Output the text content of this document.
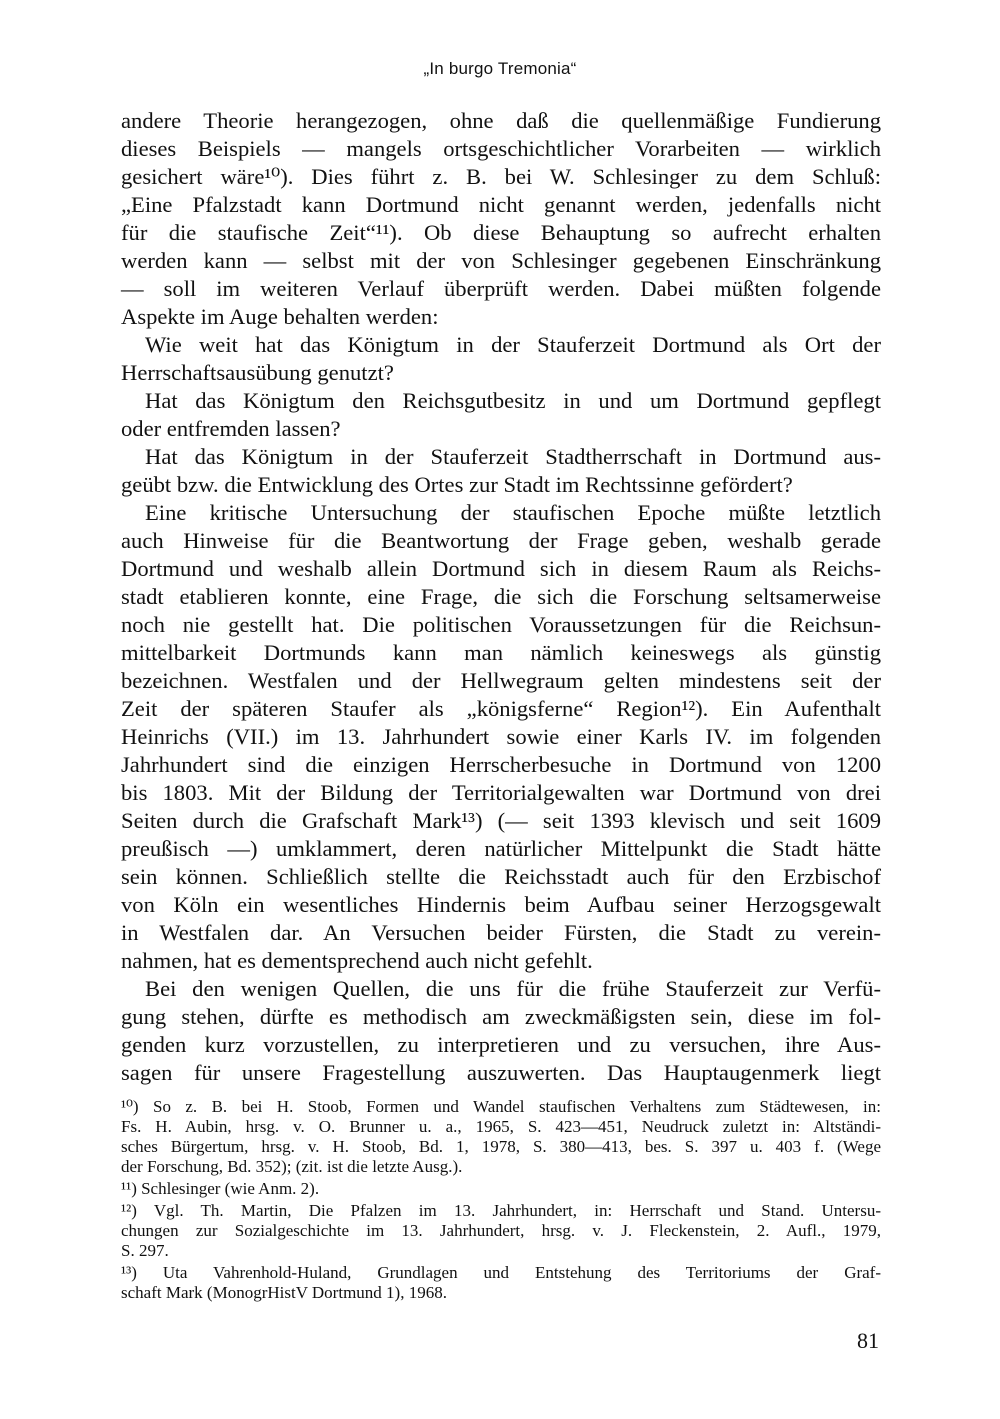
„In burgo Tremonia“

andere Theorie herangezogen, ohne daß die quellenmäßige Fundierung

dieses Beispiels — mangels ortsgeschichtlicher Vorarbeiten — wirklich

gesichert wäre¹⁰). Dies führt z. B. bei W. Schlesinger zu dem Schluß:

„Eine Pfalzstadt kann Dortmund nicht genannt werden, jedenfalls nicht

für die staufische Zeit“¹¹). Ob diese Behauptung so aufrecht erhalten

werden kann — selbst mit der von Schlesinger gegebenen Einschränkung

— soll im weiteren Verlauf überprüft werden. Dabei müßten folgende

Aspekte im Auge behalten werden:

Wie weit hat das Königtum in der Stauferzeit Dortmund als Ort der

Herrschaftsausübung genutzt?

Hat das Königtum den Reichsgutbesitz in und um Dortmund gepflegt

oder entfremden lassen?

Hat das Königtum in der Stauferzeit Stadtherrschaft in Dortmund aus-

geübt bzw. die Entwicklung des Ortes zur Stadt im Rechtssinne gefördert?

Eine kritische Untersuchung der staufischen Epoche müßte letztlich

auch Hinweise für die Beantwortung der Frage geben, weshalb gerade

Dortmund und weshalb allein Dortmund sich in diesem Raum als Reichs-

stadt etablieren konnte, eine Frage, die sich die Forschung seltsamerweise

noch nie gestellt hat. Die politischen Voraussetzungen für die Reichsun-

mittelbarkeit Dortmunds kann man nämlich keineswegs als günstig

bezeichnen. Westfalen und der Hellwegraum gelten mindestens seit der

Zeit der späteren Staufer als „königsferne“ Region¹²). Ein Aufenthalt

Heinrichs (VII.) im 13. Jahrhundert sowie einer Karls IV. im folgenden

Jahrhundert sind die einzigen Herrscherbesuche in Dortmund von 1200

bis 1803. Mit der Bildung der Territorialgewalten war Dortmund von drei

Seiten durch die Grafschaft Mark¹³) (— seit 1393 klevisch und seit 1609

preußisch —) umklammert, deren natürlicher Mittelpunkt die Stadt hätte

sein können. Schließlich stellte die Reichsstadt auch für den Erzbischof

von Köln ein wesentliches Hindernis beim Aufbau seiner Herzogsgewalt

in Westfalen dar. An Versuchen beider Fürsten, die Stadt zu verein-

nahmen, hat es dementsprechend auch nicht gefehlt.

Bei den wenigen Quellen, die uns für die frühe Stauferzeit zur Verfü-

gung stehen, dürfte es methodisch am zweckmäßigsten sein, diese im fol-

genden kurz vorzustellen, zu interpretieren und zu versuchen, ihre Aus-

sagen für unsere Fragestellung auszuwerten. Das Hauptaugenmerk liegt

¹⁰) So z. B. bei H. Stoob, Formen und Wandel staufischen Verhaltens zum Städtewesen, in:

Fs. H. Aubin, hrsg. v. O. Brunner u. a., 1965, S. 423—451, Neudruck zuletzt in: Altständi-

sches Bürgertum, hrsg. v. H. Stoob, Bd. 1, 1978, S. 380—413, bes. S. 397 u. 403 f. (Wege

der Forschung, Bd. 352); (zit. ist die letzte Ausg.).

¹¹) Schlesinger (wie Anm. 2).

¹²) Vgl. Th. Martin, Die Pfalzen im 13. Jahrhundert, in: Herrschaft und Stand. Untersu-

chungen zur Sozialgeschichte im 13. Jahrhundert, hrsg. v. J. Fleckenstein, 2. Aufl., 1979,

S. 297.

¹³) Uta Vahrenhold-Huland, Grundlagen und Entstehung des Territoriums der Graf-

schaft Mark (MonogrHistV Dortmund 1), 1968.

81
